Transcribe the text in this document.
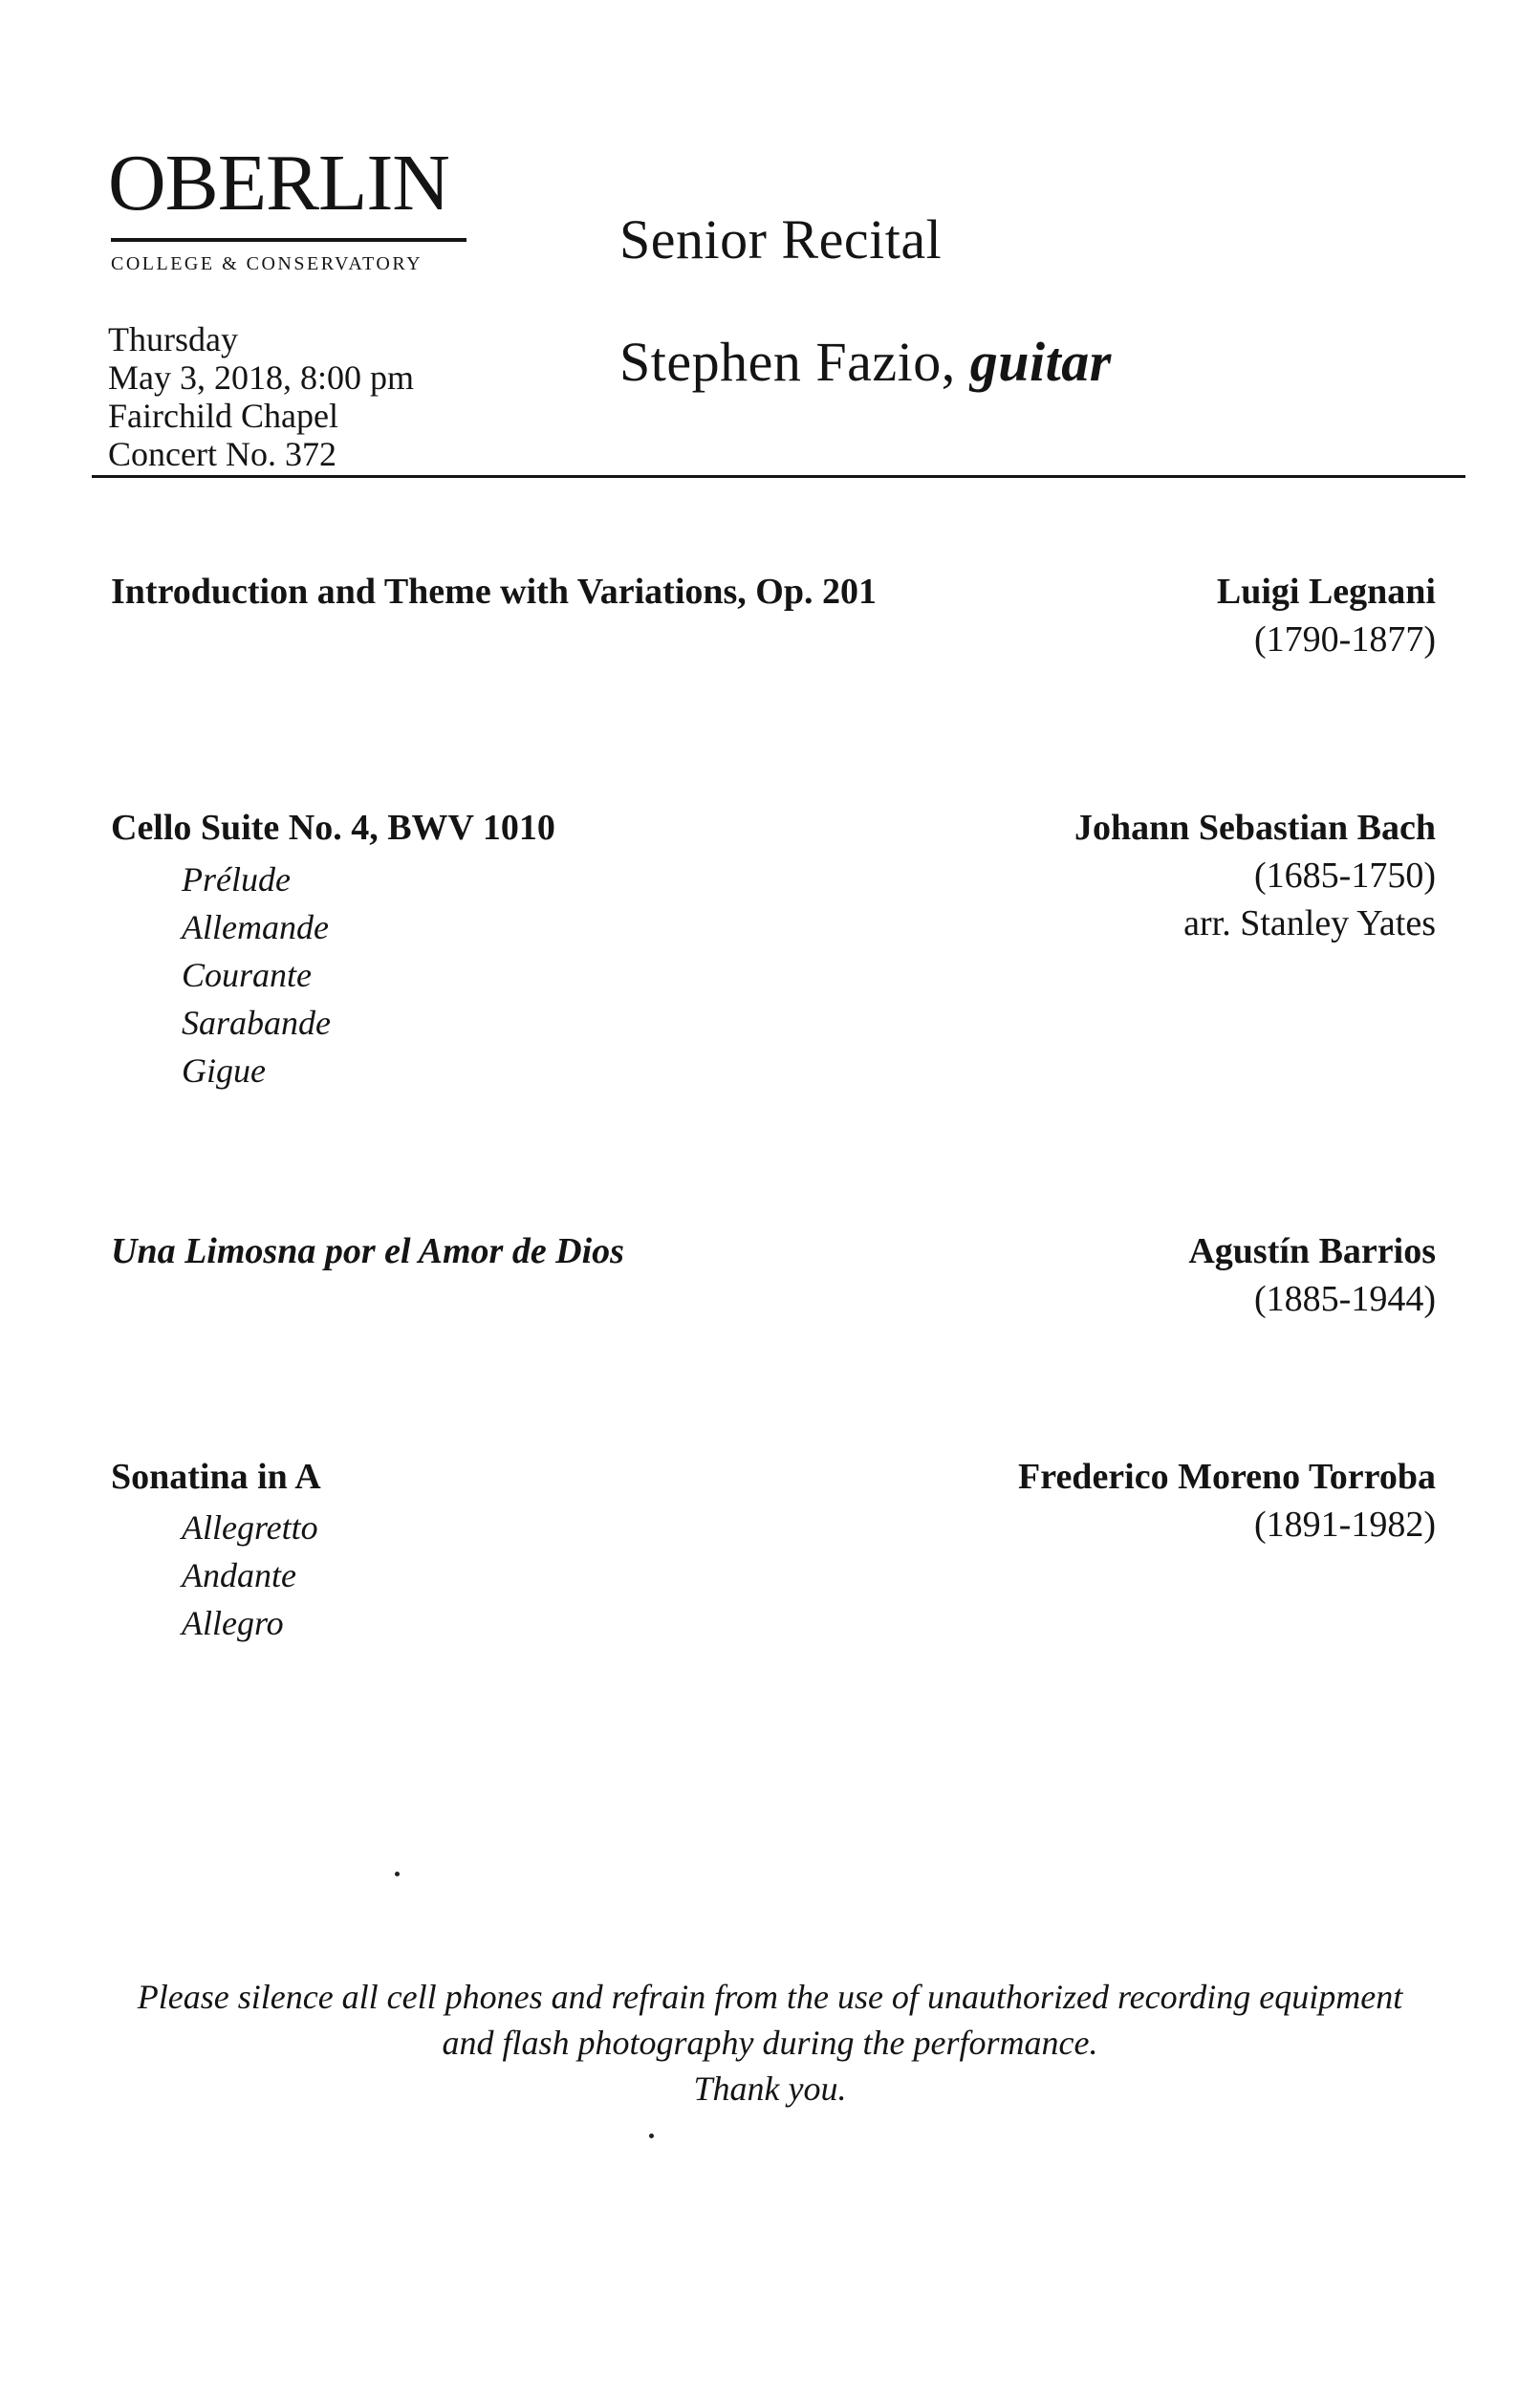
OBERLIN
COLLEGE & CONSERVATORY
Thursday
May 3, 2018, 8:00 pm
Fairchild Chapel
Concert No. 372
Senior Recital
Stephen Fazio, guitar
Introduction and Theme with Variations, Op. 201	Luigi Legnani
(1790-1877)
Cello Suite No. 4, BWV 1010
Prélude
Allemande
Courante
Sarabande
Gigue
Johann Sebastian Bach
(1685-1750)
arr. Stanley Yates
Una Limosna por el Amor de Dios	Agustín Barrios
(1885-1944)
Sonatina in A
Allegretto
Andante
Allegro
Frederico Moreno Torroba
(1891-1982)
Please silence all cell phones and refrain from the use of unauthorized recording equipment
and flash photography during the performance.
Thank you.
